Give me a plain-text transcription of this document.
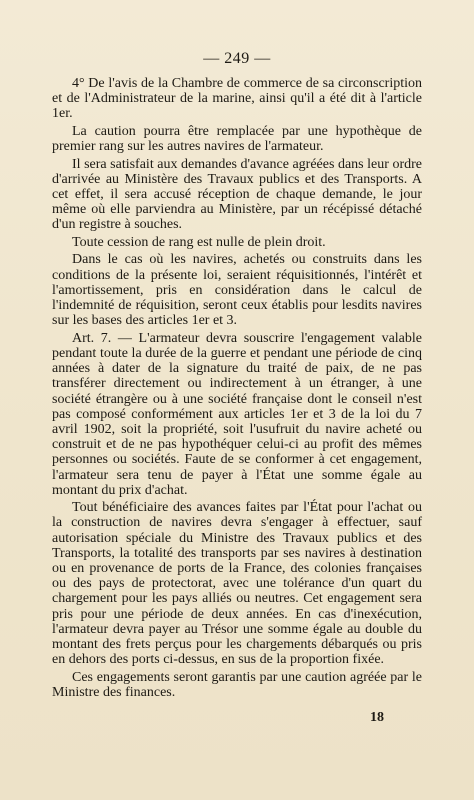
— 249 —

4° De l'avis de la Chambre de commerce de sa circonscription et de l'Administrateur de la marine, ainsi qu'il a été dit à l'article 1er.

La caution pourra être remplacée par une hypothèque de premier rang sur les autres navires de l'armateur.

Il sera satisfait aux demandes d'avance agréées dans leur ordre d'arrivée au Ministère des Travaux publics et des Transports. A cet effet, il sera accusé réception de chaque demande, le jour même où elle parviendra au Ministère, par un récépissé détaché d'un registre à souches.

Toute cession de rang est nulle de plein droit.

Dans le cas où les navires, achetés ou construits dans les conditions de la présente loi, seraient réquisitionnés, l'intérêt et l'amortissement, pris en considération dans le calcul de l'indemnité de réquisition, seront ceux établis pour lesdits navires sur les bases des articles 1er et 3.

Art. 7. — L'armateur devra souscrire l'engagement valable pendant toute la durée de la guerre et pendant une période de cinq années à dater de la signature du traité de paix, de ne pas transférer directement ou indirectement à un étranger, à une société étrangère ou à une société française dont le conseil n'est pas composé conformément aux articles 1er et 3 de la loi du 7 avril 1902, soit la propriété, soit l'usufruit du navire acheté ou construit et de ne pas hypothéquer celui-ci au profit des mêmes personnes ou sociétés. Faute de se conformer à cet engagement, l'armateur sera tenu de payer à l'État une somme égale au montant du prix d'achat.

Tout bénéficiaire des avances faites par l'État pour l'achat ou la construction de navires devra s'engager à effectuer, sauf autorisation spéciale du Ministre des Travaux publics et des Transports, la totalité des transports par ses navires à destination ou en provenance de ports de la France, des colonies françaises ou des pays de protectorat, avec une tolérance d'un quart du chargement pour les pays alliés ou neutres. Cet engagement sera pris pour une période de deux années. En cas d'inexécution, l'armateur devra payer au Trésor une somme égale au double du montant des frets perçus pour les chargements débarqués ou pris en dehors des ports ci-dessus, en sus de la proportion fixée.

Ces engagements seront garantis par une caution agréée par le Ministre des finances.

18
